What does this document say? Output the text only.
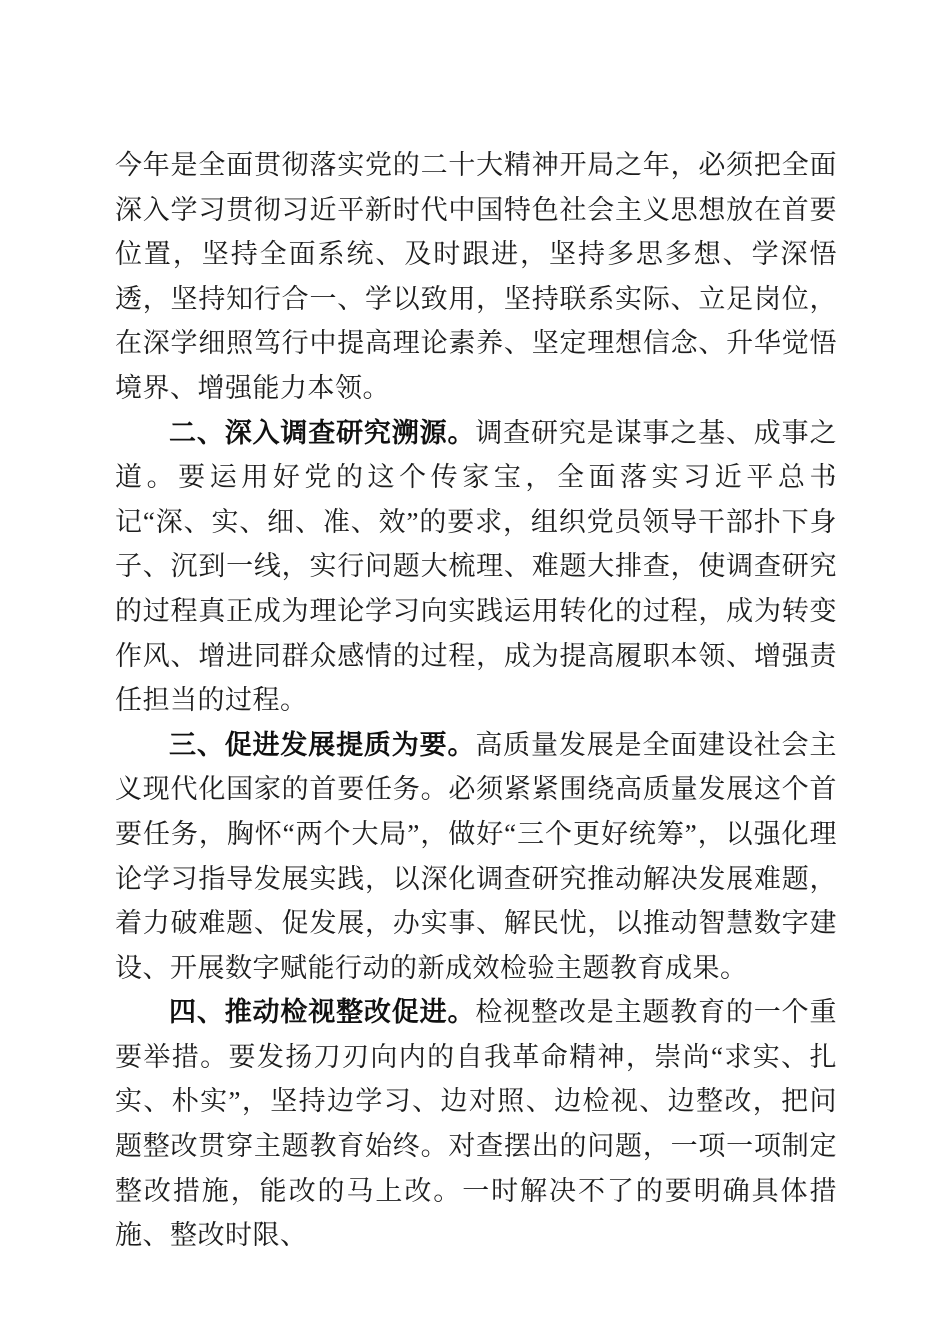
今年是全面贯彻落实党的二十大精神开局之年，必须把全面深入学习贯彻习近平新时代中国特色社会主义思想放在首要位置，坚持全面系统、及时跟进，坚持多思多想、学深悟透，坚持知行合一、学以致用，坚持联系实际、立足岗位，在深学细照笃行中提高理论素养、坚定理想信念、升华觉悟境界、增强能力本领。

二、深入调查研究溯源。调查研究是谋事之基、成事之道。要运用好党的这个传家宝，全面落实习近平总书记“深、实、细、准、效”的要求，组织党员领导干部扑下身子、沉到一线，实行问题大梳理、难题大排查，使调查研究的过程真正成为理论学习向实践运用转化的过程，成为转变作风、增进同群众感情的过程，成为提高履职本领、增强责任担当的过程。

三、促进发展提质为要。高质量发展是全面建设社会主义现代化国家的首要任务。必须紧紧围绕高质量发展这个首要任务，胸怀“两个大局”，做好“三个更好统筹”，以强化理论学习指导发展实践，以深化调查研究推动解决发展难题，着力破难题、促发展，办实事、解民忧，以推动智慧数字建设、开展数字赋能行动的新成效检验主题教育成果。

四、推动检视整改促进。检视整改是主题教育的一个重要举措。要发扬刀刃向内的自我革命精神，崇尚“求实、扎实、朴实”，坚持边学习、边对照、边检视、边整改，把问题整改贯穿主题教育始终。对查摆出的问题，一项一项制定整改措施，能改的马上改。一时解决不了的要明确具体措施、整改时限、
